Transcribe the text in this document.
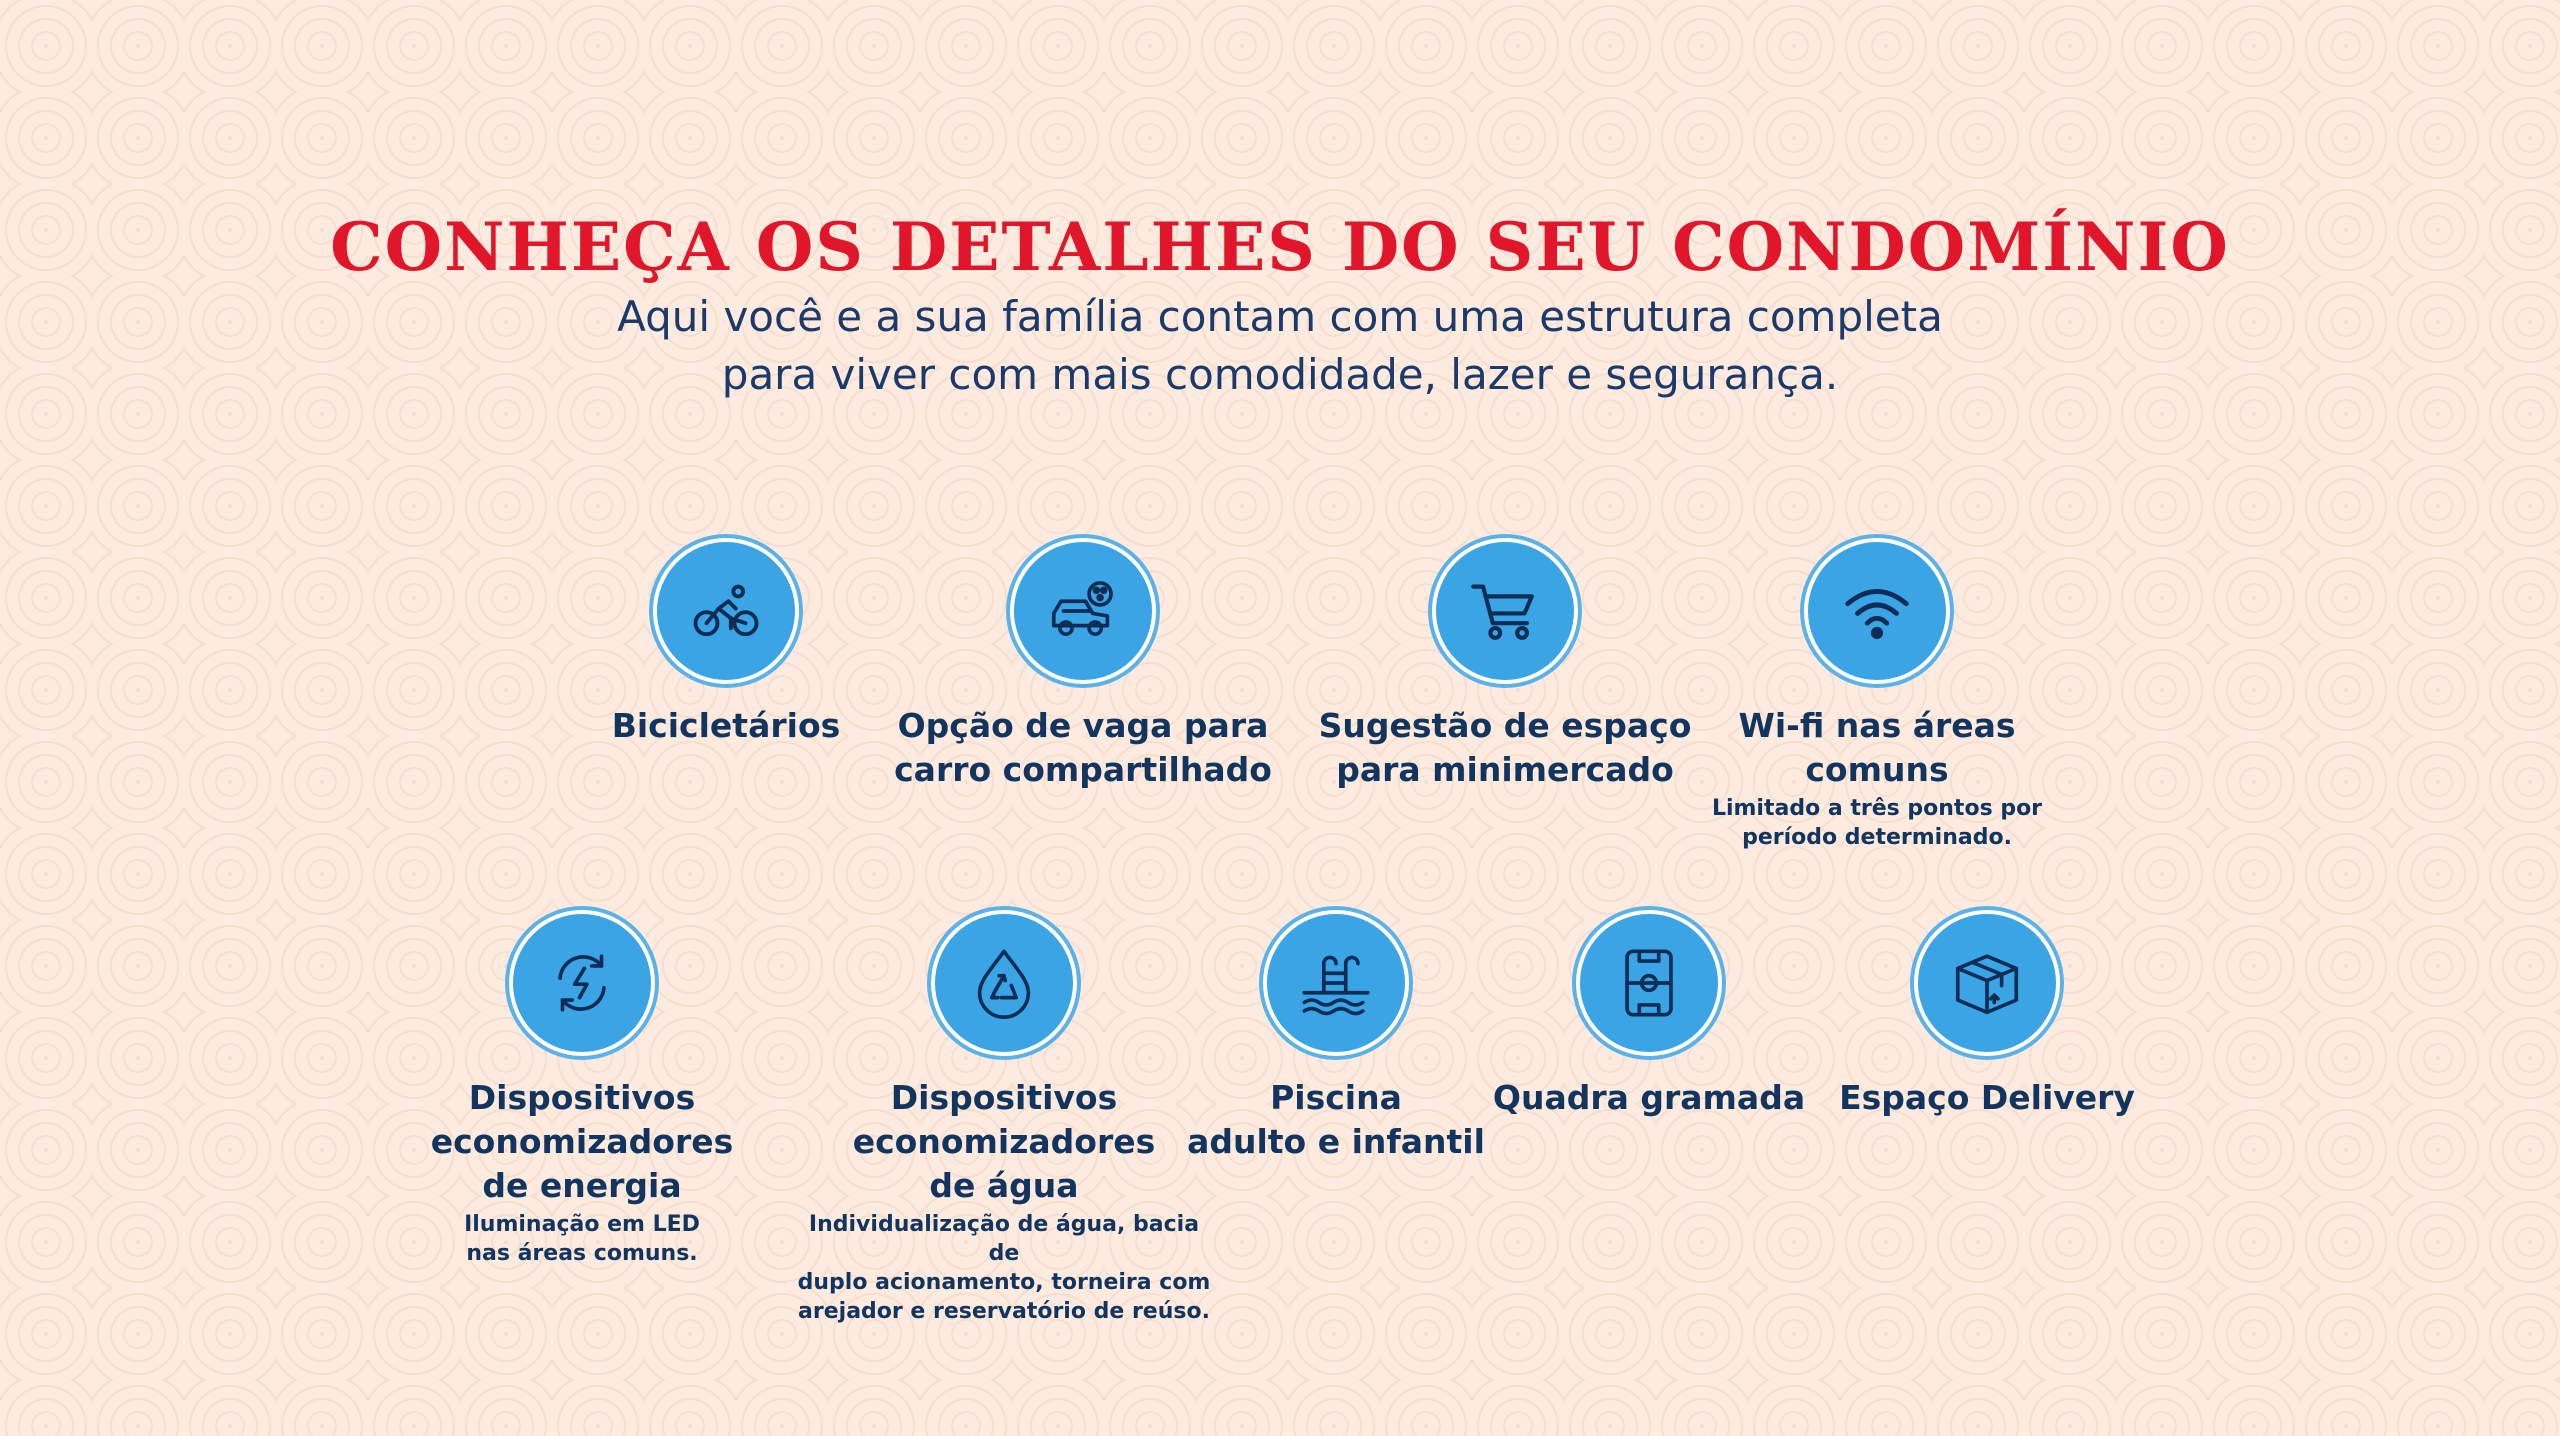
CONHEÇA OS DETALHES DO SEU CONDOMÍNIO

Aqui você e a sua família contam com uma estrutura completa
para viver com mais comodidade, lazer e segurança.

Bicicletários	Opção de vaga para
carro compartilhado
Sugestão de espaço
para minimercado
Wi-fi nas áreas
comuns
Limitado a três pontos por
período determinado.
Dispositivos
economizadores
de energia
Iluminação em LED
nas áreas comuns.
Dispositivos
economizadores
de água
Individualização de água, bacia de
duplo acionamento, torneira com
arejador e reservatório de reúso.
Piscina
adulto e infantil
Quadra gramada	Espaço Delivery
